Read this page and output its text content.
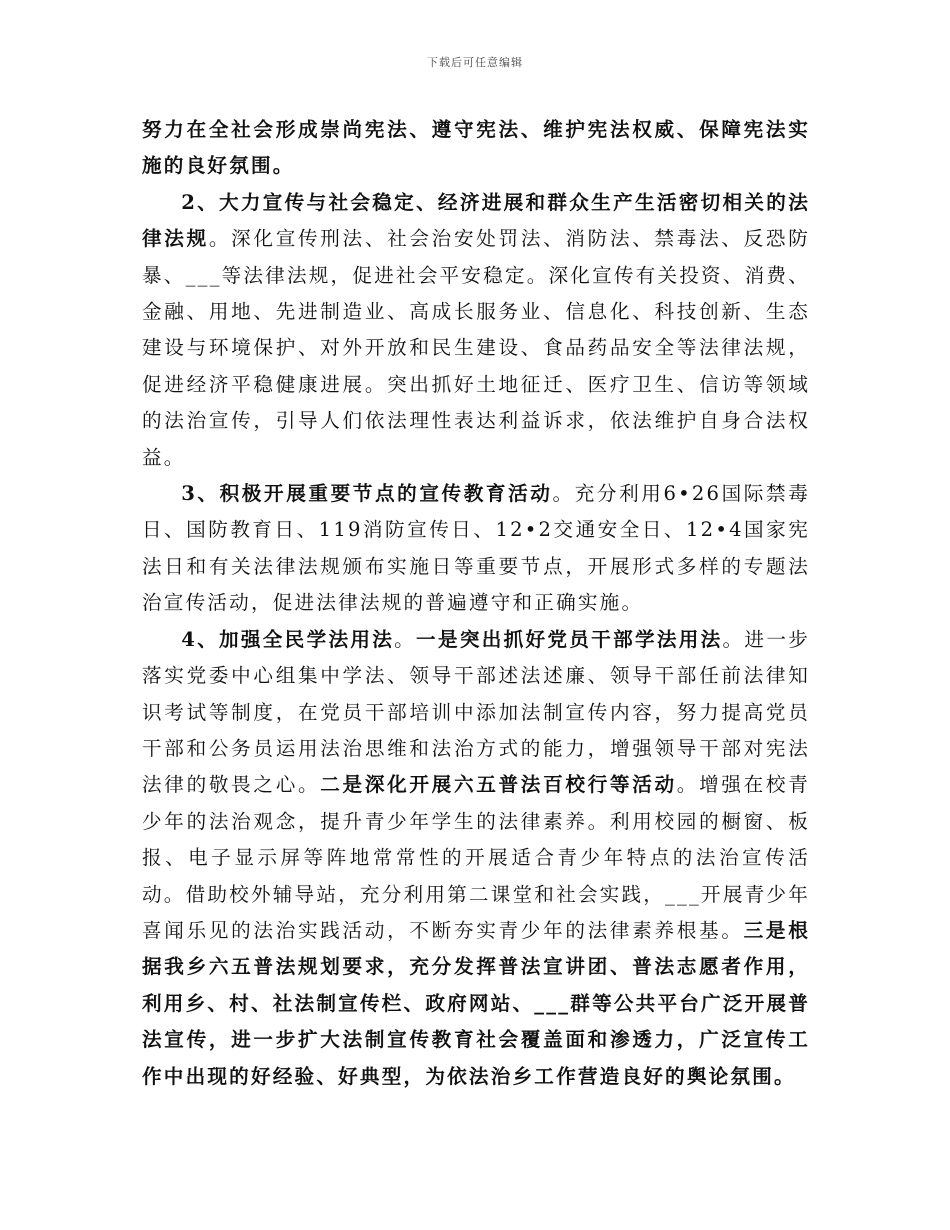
下载后可任意编辑

努力在全社会形成崇尚宪法、遵守宪法、维护宪法权威、保障宪法实施的良好氛围。

2、大力宣传与社会稳定、经济进展和群众生产生活密切相关的法律法规。深化宣传刑法、社会治安处罚法、消防法、禁毒法、反恐防暴、___等法律法规，促进社会平安稳定。深化宣传有关投资、消费、金融、用地、先进制造业、高成长服务业、信息化、科技创新、生态建设与环境保护、对外开放和民生建设、食品药品安全等法律法规，促进经济平稳健康进展。突出抓好土地征迁、医疗卫生、信访等领域的法治宣传，引导人们依法理性表达利益诉求，依法维护自身合法权益。

3、积极开展重要节点的宣传教育活动。充分利用6•26国际禁毒日、国防教育日、119消防宣传日、12•2交通安全日、12•4国家宪法日和有关法律法规颁布实施日等重要节点，开展形式多样的专题法治宣传活动，促进法律法规的普遍遵守和正确实施。

4、加强全民学法用法。一是突出抓好党员干部学法用法。进一步落实党委中心组集中学法、领导干部述法述廉、领导干部任前法律知识考试等制度，在党员干部培训中添加法制宣传内容，努力提高党员干部和公务员运用法治思维和法治方式的能力，增强领导干部对宪法法律的敬畏之心。二是深化开展六五普法百校行等活动。增强在校青少年的法治观念，提升青少年学生的法律素养。利用校园的橱窗、板报、电子显示屏等阵地常常性的开展适合青少年特点的法治宣传活动。借助校外辅导站，充分利用第二课堂和社会实践，___开展青少年喜闻乐见的法治实践活动，不断夯实青少年的法律素养根基。三是根据我乡六五普法规划要求，充分发挥普法宣讲团、普法志愿者作用，利用乡、村、社法制宣传栏、政府网站、___群等公共平台广泛开展普法宣传，进一步扩大法制宣传教育社会覆盖面和渗透力，广泛宣传工作中出现的好经验、好典型，为依法治乡工作营造良好的舆论氛围。
